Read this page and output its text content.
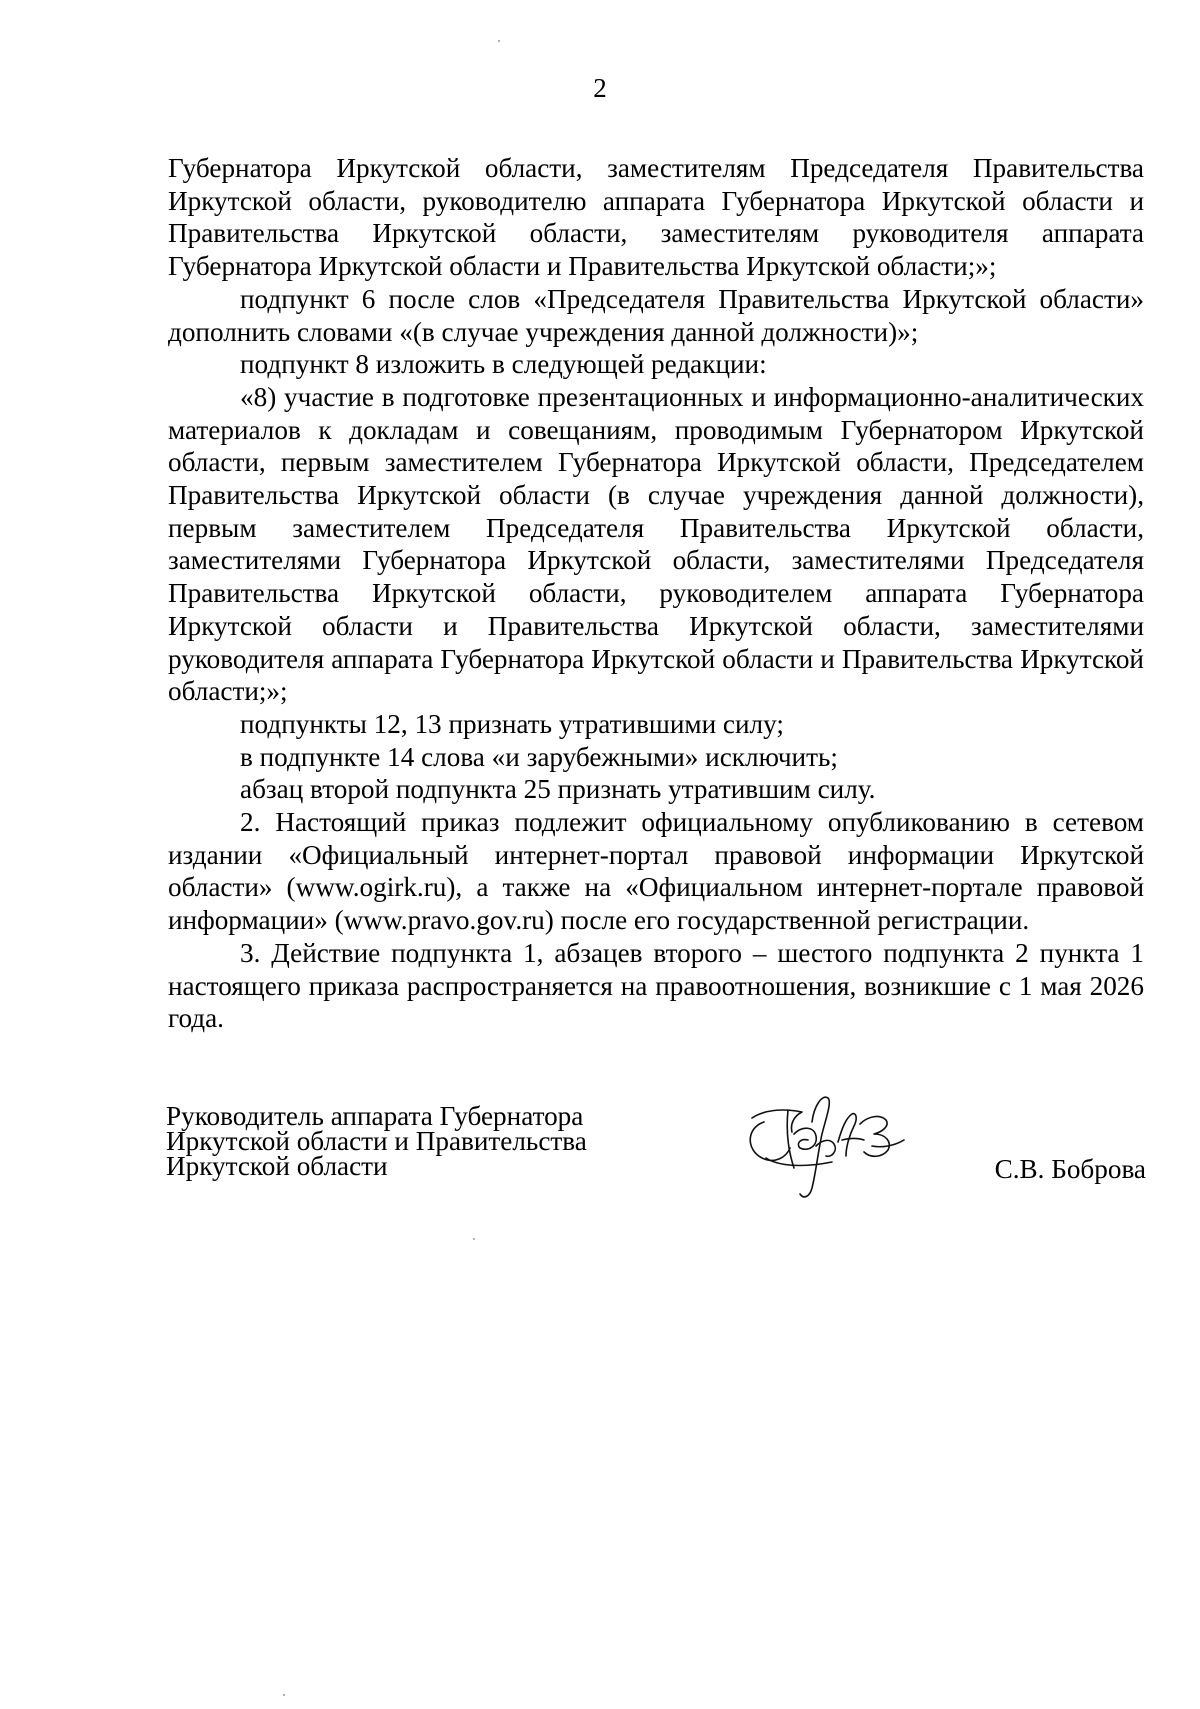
2

Губернатора Иркутской области, заместителям Председателя Правительства Иркутской области, руководителю аппарата Губернатора Иркутской области и Правительства Иркутской области, заместителям руководителя аппарата Губернатора Иркутской области и Правительства Иркутской области;»;

подпункт 6 после слов «Председателя Правительства Иркутской области» дополнить словами «(в случае учреждения данной должности)»;

подпункт 8 изложить в следующей редакции:

«8) участие в подготовке презентационных и информационно-аналитических материалов к докладам и совещаниям, проводимым Губернатором Иркутской области, первым заместителем Губернатора Иркутской области, Председателем Правительства Иркутской области (в случае учреждения данной должности), первым заместителем Председателя Правительства Иркутской области, заместителями Губернатора Иркутской области, заместителями Председателя Правительства Иркутской области, руководителем аппарата Губернатора Иркутской области и Правительства Иркутской области, заместителями руководителя аппарата Губернатора Иркутской области и Правительства Иркутской области;»;

подпункты 12, 13 признать утратившими силу;

в подпункте 14 слова «и зарубежными» исключить;

абзац второй подпункта 25 признать утратившим силу.

2. Настоящий приказ подлежит официальному опубликованию в сетевом издании «Официальный интернет-портал правовой информации Иркутской области» (www.ogirk.ru), а также на «Официальном интернет-портале правовой информации» (www.pravo.gov.ru) после его государственной регистрации.

3. Действие подпункта 1, абзацев второго – шестого подпункта 2 пункта 1 настоящего приказа распространяется на правоотношения, возникшие с 1 мая 2026 года.

Руководитель аппарата Губернатора
Иркутской области и Правительства
Иркутской области	С.В. Боброва
